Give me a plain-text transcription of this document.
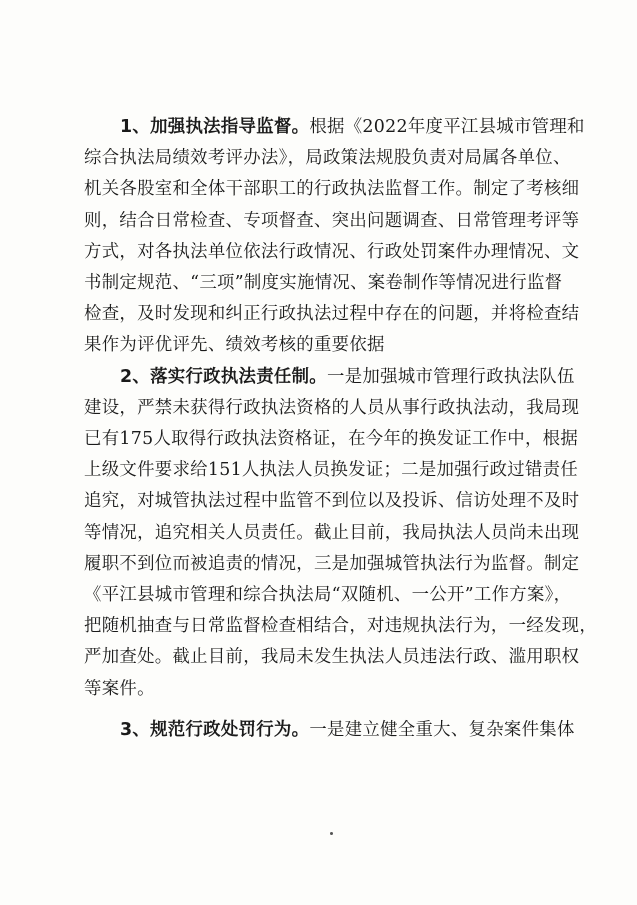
1、加强执法指导监督。根据《2022年度平江县城市管理和
综合执法局绩效考评办法》，局政策法规股负责对局属各单位、
机关各股室和全体干部职工的行政执法监督工作。制定了考核细
则，结合日常检查、专项督查、突出问题调查、日常管理考评等
方式，对各执法单位依法行政情况、行政处罚案件办理情况、文
书制定规范、“三项”制度实施情况、案卷制作等情况进行监督
检查，及时发现和纠正行政执法过程中存在的问题，并将检查结
果作为评优评先、绩效考核的重要依据
2、落实行政执法责任制。一是加强城市管理行政执法队伍
建设，严禁未获得行政执法资格的人员从事行政执法动，我局现
已有175人取得行政执法资格证，在今年的换发证工作中，根据
上级文件要求给151人执法人员换发证；二是加强行政过错责任
追究，对城管执法过程中监管不到位以及投诉、信访处理不及时
等情况，追究相关人员责任。截止目前，我局执法人员尚未出现
履职不到位而被追责的情况，三是加强城管执法行为监督。制定
《平江县城市管理和综合执法局“双随机、一公开”工作方案》，
把随机抽查与日常监督检查相结合，对违规执法行为，一经发现，
严加查处。截止目前，我局未发生执法人员违法行政、滥用职权
等案件。
3、规范行政处罚行为。一是建立健全重大、复杂案件集体
